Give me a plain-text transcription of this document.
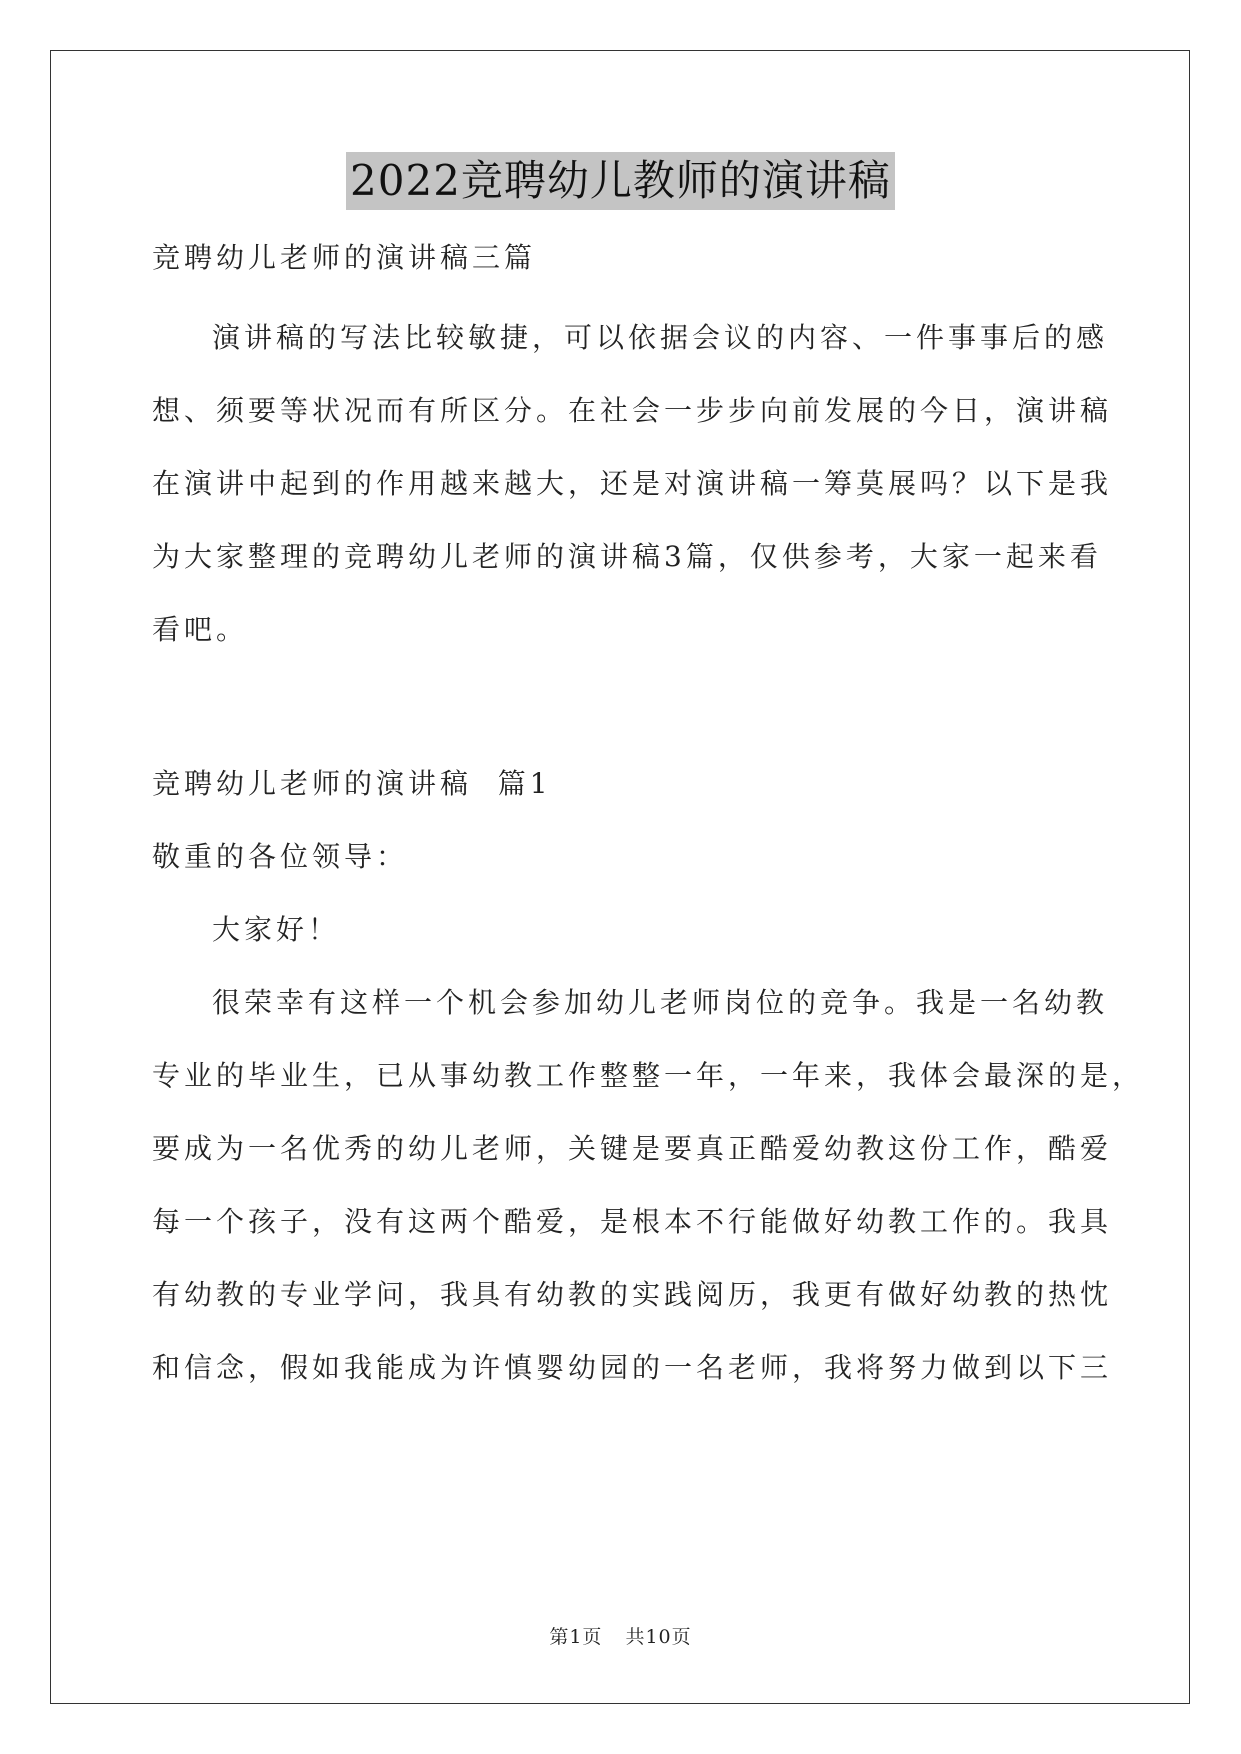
2022竞聘幼儿教师的演讲稿
竞聘幼儿老师的演讲稿三篇
演讲稿的写法比较敏捷，可以依据会议的内容、一件事事后的感
想、须要等状况而有所区分。在社会一步步向前发展的今日，演讲稿
在演讲中起到的作用越来越大，还是对演讲稿一筹莫展吗？以下是我
为大家整理的竞聘幼儿老师的演讲稿3篇，仅供参考，大家一起来看
看吧。
竞聘幼儿老师的演讲稿  篇1
敬重的各位领导：
大家好！
很荣幸有这样一个机会参加幼儿老师岗位的竞争。我是一名幼教
专业的毕业生，已从事幼教工作整整一年，一年来，我体会最深的是，
要成为一名优秀的幼儿老师，关键是要真正酷爱幼教这份工作，酷爱
每一个孩子，没有这两个酷爱，是根本不行能做好幼教工作的。我具
有幼教的专业学问，我具有幼教的实践阅历，我更有做好幼教的热忱
和信念，假如我能成为许慎婴幼园的一名老师，我将努力做到以下三
第1页 共10页
